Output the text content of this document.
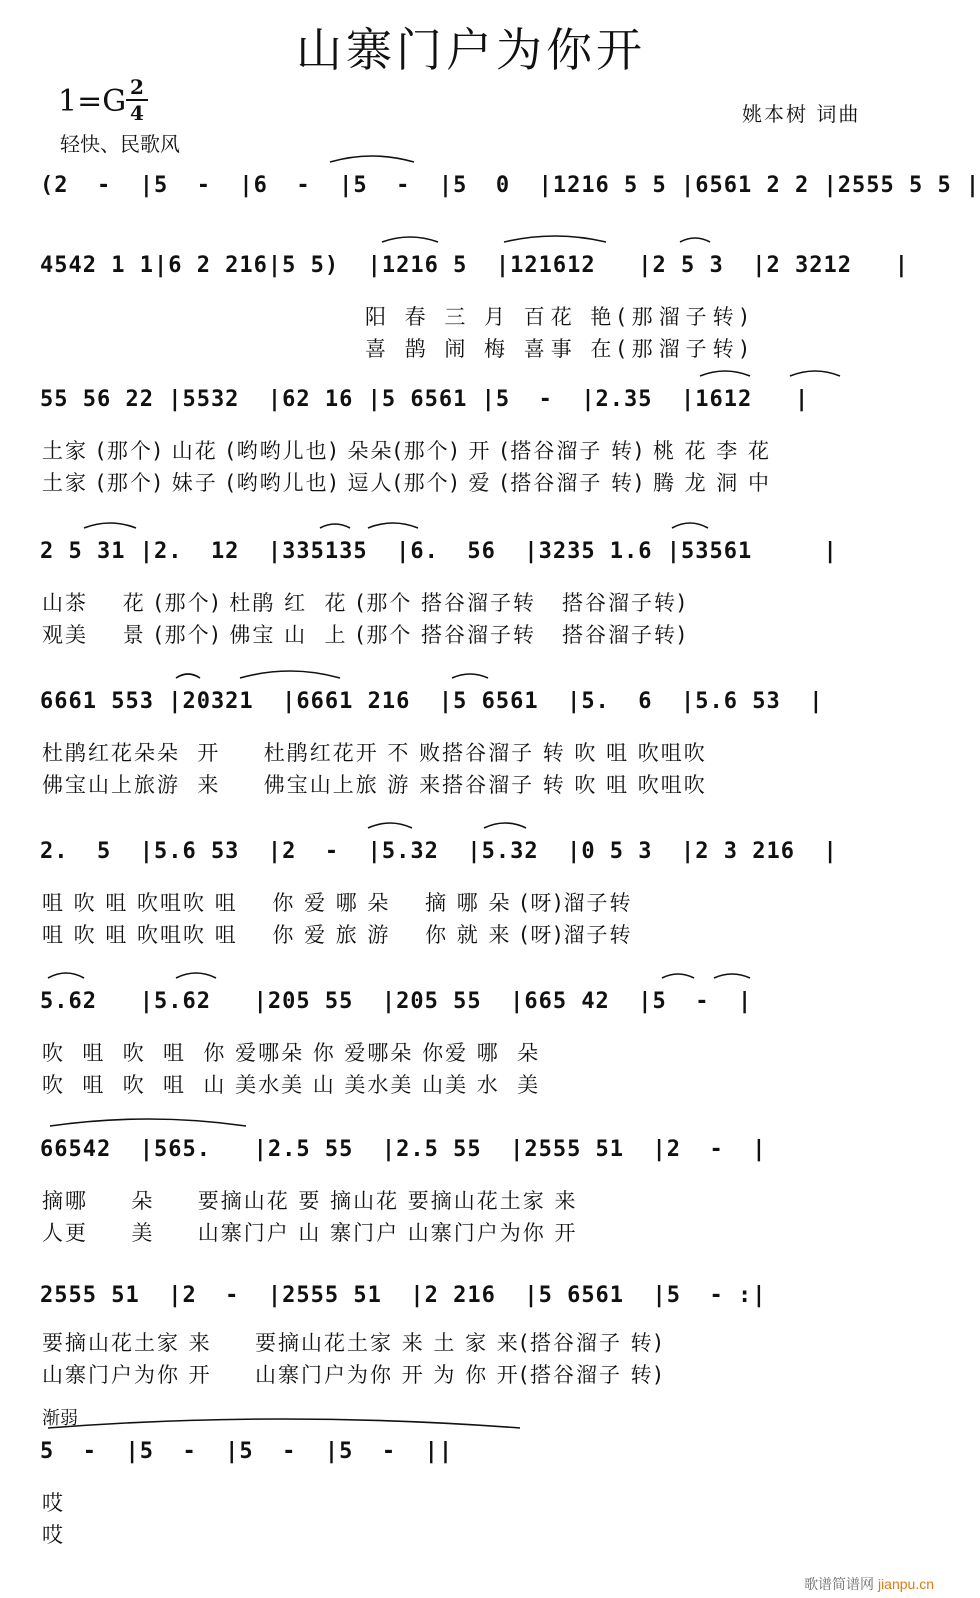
山寨门户为你开
1=G 2
4
轻快、民歌风
姚本树 词曲
(2  -  |5  -  |6  -  |5  -  |5  0  |1216 5 5 |6561 2 2 |2555 5 5 |
4542 1 1|6 2 216|5 5)  |1216 5  |121612   |2 5 3  |2 3212   |
阳 春 三 月 百花 艳(那溜子转)
喜 鹊 闹 梅 喜事 在(那溜子转)
55 56 22 |5532  |62 16 |5 6561 |5  -  |2.35  |1612   |
土家 (那个) 山花 (哟哟儿也) 朵朵(那个) 开 (搭谷溜子 转) 桃 花 李 花
土家 (那个) 妹子 (哟哟儿也) 逗人(那个) 爱 (搭谷溜子 转) 腾 龙 洞 中
2 5 31 |2.  12  |335135  |6.  56  |3235 1.6 |53561     |
山茶    花 (那个) 杜鹃 红  花 (那个 搭谷溜子转   搭谷溜子转)
观美    景 (那个) 佛宝 山  上 (那个 搭谷溜子转   搭谷溜子转)
6661 553 |20321  |6661 216  |5 6561  |5.  6  |5.6 53  |
杜鹃红花朵朵  开     杜鹃红花开 不 败搭谷溜子 转 吹 咀 吹咀吹
佛宝山上旅游  来     佛宝山上旅 游 来搭谷溜子 转 吹 咀 吹咀吹
2.  5  |5.6 53  |2  -  |5.32  |5.32  |0 5 3  |2 3 216  |
咀 吹 咀 吹咀吹 咀    你 爱 哪 朵    摘 哪 朵 (呀)溜子转
咀 吹 咀 吹咀吹 咀    你 爱 旅 游    你 就 来 (呀)溜子转
5.62   |5.62   |205 55  |205 55  |665 42  |5  -  |
吹  咀  吹  咀  你 爱哪朵 你 爱哪朵 你爱 哪  朵
吹  咀  吹  咀  山 美水美 山 美水美 山美 水  美
66542  |565.   |2.5 55  |2.5 55  |2555 51  |2  -  |
摘哪     朵     要摘山花 要 摘山花 要摘山花土家 来
人更     美     山寨门户 山 寨门户 山寨门户为你 开
2555 51  |2  -  |2555 51  |2 216  |5 6561  |5  - :|
要摘山花土家 来     要摘山花土家 来 土 家 来(搭谷溜子 转)
山寨门户为你 开     山寨门户为你 开 为 你 开(搭谷溜子 转)
渐弱
5  -  |5  -  |5  -  |5  -  ||
哎
哎
歌谱简谱网 jianpu.cn
